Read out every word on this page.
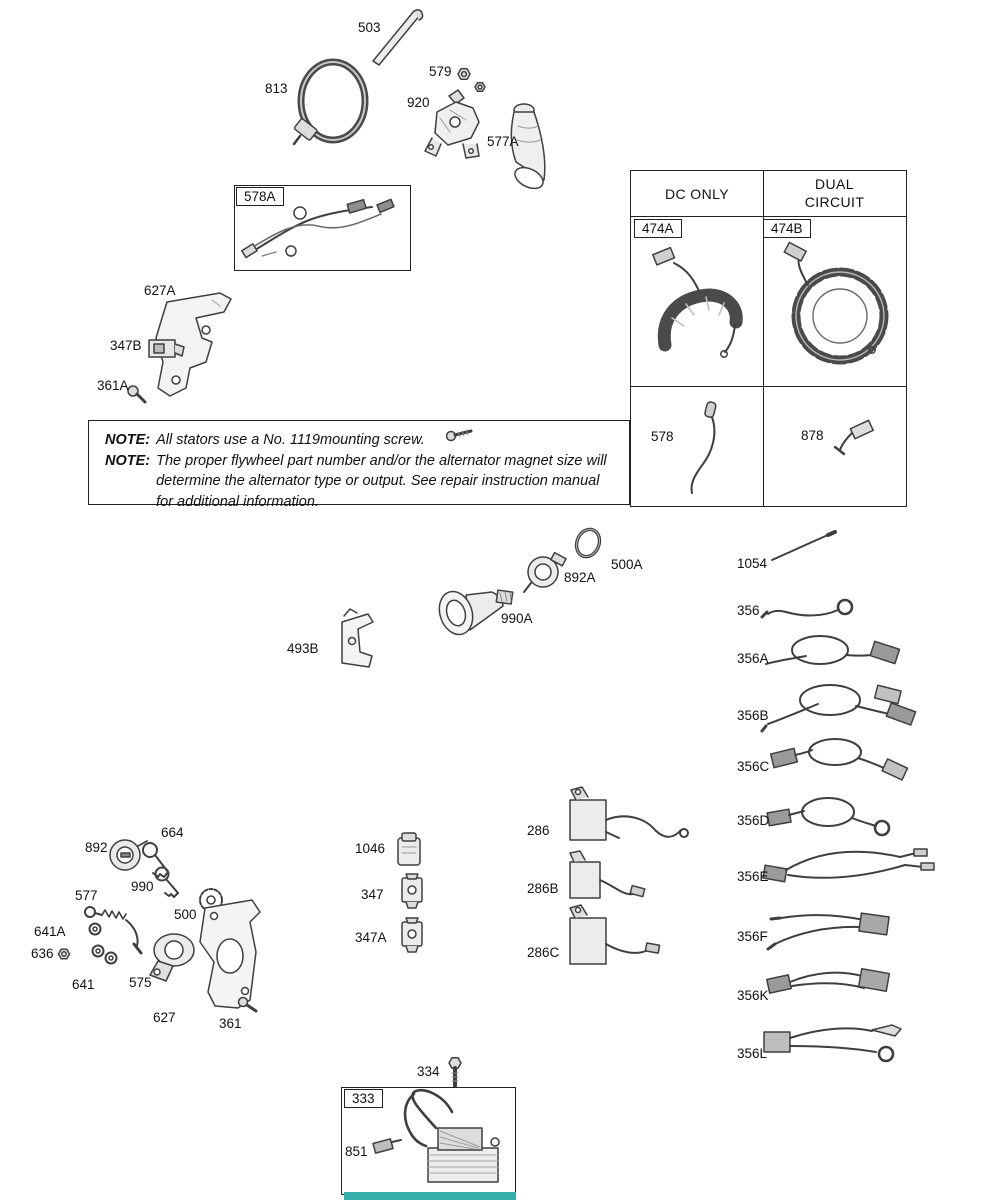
578A
333
DC ONLY
DUAL CIRCUIT
474A	474B
578	878
NOTE: All stators use a No. 1119mounting screw.
NOTE: The proper flywheel part number and/or the alternator magnet size will determine the alternator type or output. See repair instruction manual for additional information.
503
813
579
920
577A
627A
347B
361A
500A
892A
990A
493B
1054
356
356A
356B
356C
356D
356E
356F
356K
356L
664
892
990
577
500
641A
636
641	575
627	361
1046
347
347A
286
286B
286C
334
851
